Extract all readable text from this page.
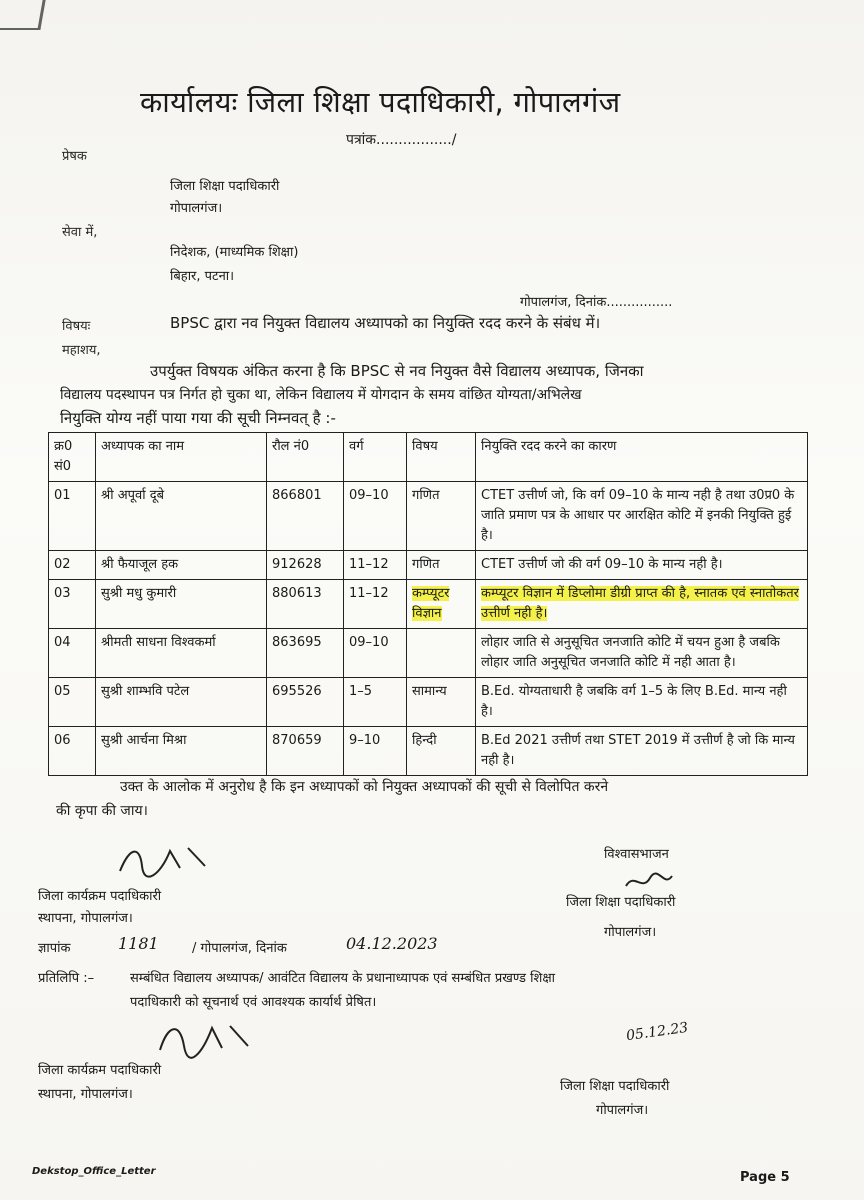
कार्यालयः जिला शिक्षा पदाधिकारी, गोपालगंज
पत्रांक................./
प्रेषक
जिला शिक्षा पदाधिकारी
गोपालगंज।
सेवा में,
निदेशक, (माध्यमिक शिक्षा)
बिहार, पटना।
गोपालगंज, दिनांक................
विषयः	BPSC द्वारा नव नियुक्त विद्यालय अध्यापको का नियुक्ति रदद करने के संबंध में।
महाशय,
उपर्युक्त विषयक अंकित करना है कि BPSC से नव नियुक्त वैसे विद्यालय अध्यापक, जिनका
विद्यालय पदस्थापन पत्र निर्गत हो चुका था, लेकिन विद्यालय में योगदान के समय वांछित योग्यता/अभिलेख
नियुक्ति योग्य नहीं पाया गया की सूची निम्नवत् है :-
क्र0 सं0	अध्यापक का नाम	रौल नं0	वर्ग	विषय	नियुक्ति रदद करने का कारण
01	श्री अपूर्वा दूबे	866801	09–10	गणित	CTET उत्तीर्ण जो, कि वर्ग 09–10 के मान्य नही है तथा उ0प्र0 के जाति प्रमाण पत्र के आधार पर आरक्षित कोटि में इनकी नियुक्ति हुई है।
02	श्री फैयाजूल हक	912628	11–12	गणित	CTET उत्तीर्ण जो की वर्ग 09–10 के मान्य नही है।
03	सुश्री मधु कुमारी	880613	11–12	कम्प्यूटर विज्ञान	कम्प्यूटर विज्ञान में डिप्लोमा डीग्री प्राप्त की है, स्नातक एवं स्नातोकतर उत्तीर्ण नही है।
04	श्रीमती साधना विश्वकर्मा	863695	09–10		लोहार जाति से अनुसूचित जनजाति कोटि में चयन हुआ है जबकि लोहार जाति अनुसूचित जनजाति कोटि में नही आता है।
05	सुश्री शाम्भवि पटेल	695526	1–5	सामान्य	B.Ed. योग्यताधारी है जबकि वर्ग 1–5 के लिए B.Ed. मान्य नही है।
06	सुश्री आर्चना मिश्रा	870659	9–10	हिन्दी	B.Ed 2021 उत्तीर्ण तथा STET 2019 में उत्तीर्ण है जो कि मान्य नही है।
उक्त के आलोक में अनुरोध है कि इन अध्यापकों को नियुक्त अध्यापकों की सूची से विलोपित करने
की कृपा की जाय।
विश्वासभाजन
जिला कार्यक्रम पदाधिकारी
स्थापना, गोपालगंज।
जिला शिक्षा पदाधिकारी
गोपालगंज।
ज्ञापांक	1181	/ गोपालगंज, दिनांक	04.12.2023
प्रतिलिपि :–	सम्बंधित विद्यालय अध्यापक/ आवंटित विद्यालय के प्रधानाध्यापक एवं सम्बंधित प्रखण्ड शिक्षा
पदाधिकारी को सूचनार्थ एवं आवश्यक कार्यार्थ प्रेषित।
05.12.23
जिला कार्यक्रम पदाधिकारी
स्थापना, गोपालगंज।
जिला शिक्षा पदाधिकारी
गोपालगंज।
Dekstop_Office_Letter	Page 5
